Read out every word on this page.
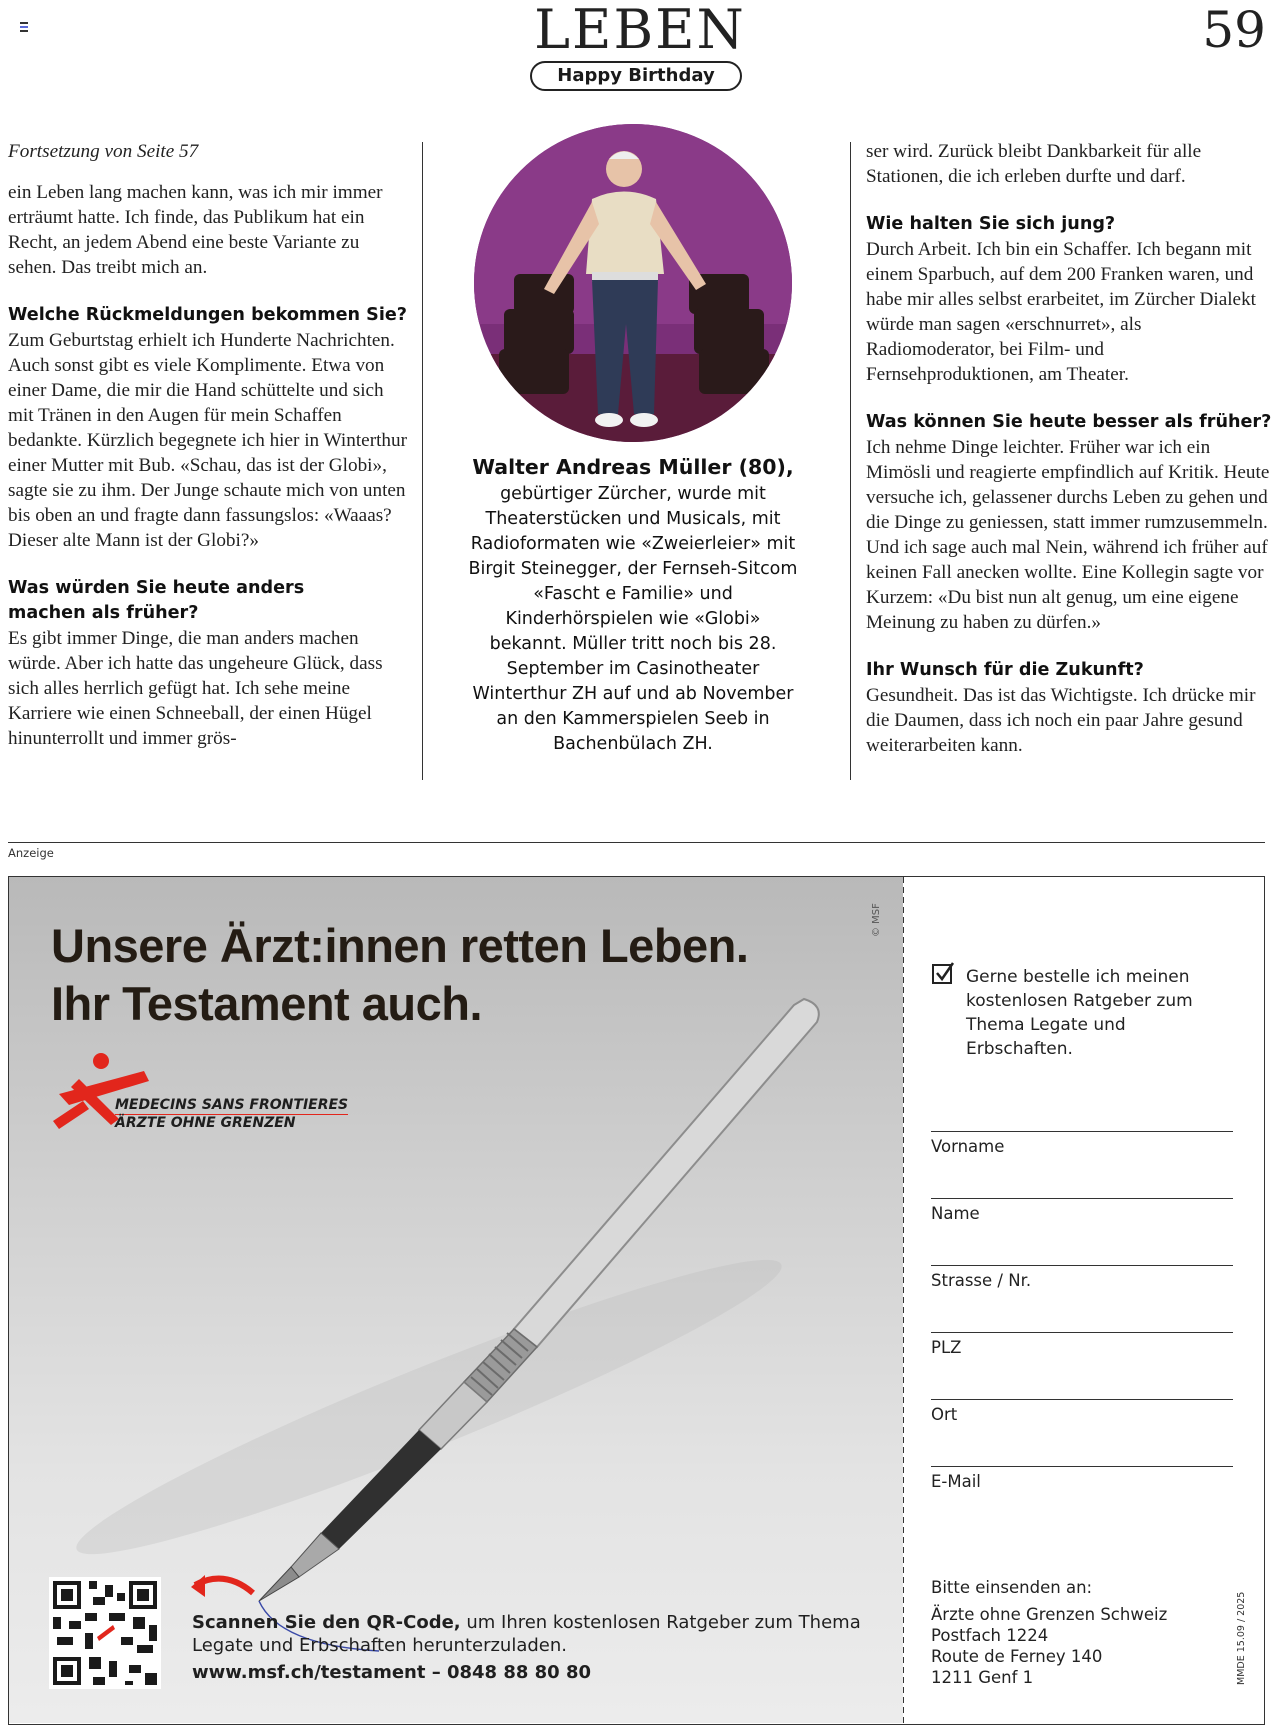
LEBEN	59
Happy Birthday

Fortsetzung von Seite 57

ein Leben lang machen kann, was ich mir immer erträumt hatte. Ich finde, das Publikum hat ein Recht, an jedem Abend eine beste Variante zu sehen. Das treibt mich an.

Welche Rückmeldungen bekommen Sie?

Zum Geburtstag erhielt ich Hunderte Nachrichten. Auch sonst gibt es viele Komplimente. Etwa von einer Dame, die mir die Hand schüttelte und sich mit Tränen in den Augen für mein Schaffen bedankte. Kürzlich begegnete ich hier in Winterthur einer Mutter mit Bub. «Schau, das ist der Globi», sagte sie zu ihm. Der Junge schaute mich von unten bis oben an und fragte dann fassungslos: «Waaas? Dieser alte Mann ist der Globi?»

Was würden Sie heute anders machen als früher?

Es gibt immer Dinge, die man anders machen würde. Aber ich hatte das ungeheure Glück, dass sich alles herrlich gefügt hat. Ich sehe meine Karriere wie einen Schneeball, der einen Hügel hinunterrollt und immer grös-

Walter Andreas Müller (80), gebürtiger Zürcher, wurde mit Theaterstücken und Musicals, mit Radioformaten wie «Zweierleier» mit Birgit Steinegger, der Fernseh-Sitcom «Fascht e Familie» und Kinderhörspielen wie «Globi» bekannt. Müller tritt noch bis 28. September im Casinotheater Winterthur ZH auf und ab November an den Kammerspielen Seeb in Bachenbülach ZH.

ser wird. Zurück bleibt Dankbarkeit für alle Stationen, die ich erleben durfte und darf.

Wie halten Sie sich jung?

Durch Arbeit. Ich bin ein Schaffer. Ich begann mit einem Sparbuch, auf dem 200 Franken waren, und habe mir alles selbst erarbeitet, im Zürcher Dialekt würde man sagen «erschnurret», als Radiomoderator, bei Film- und Fernsehproduktionen, am Theater.

Was können Sie heute besser als früher?

Ich nehme Dinge leichter. Früher war ich ein Mimösli und reagierte empfindlich auf Kritik. Heute versuche ich, gelassener durchs Leben zu gehen und die Dinge zu geniessen, statt immer rumzusemmeln. Und ich sage auch mal Nein, während ich früher auf keinen Fall anecken wollte. Eine Kollegin sagte vor Kurzem: «Du bist nun alt genug, um eine eigene Meinung zu haben zu dürfen.»

Ihr Wunsch für die Zukunft?

Gesundheit. Das ist das Wichtigste. Ich drücke mir die Daumen, dass ich noch ein paar Jahre gesund weiterarbeiten kann.

Anzeige
Unsere Ärzt:innen retten Leben.
Ihr Testament auch.
© MSF
MEDECINS SANS FRONTIERES
ÄRZTE OHNE GRENZEN
Scannen Sie den QR-Code, um Ihren kostenlosen Ratgeber zum Thema Legate und Erbschaften herunterzuladen.
www.msf.ch/testament – 0848 88 80 80
Gerne bestelle ich meinen kostenlosen Ratgeber zum Thema Legate und Erbschaften.
Vorname
Name
Strasse / Nr.
PLZ
Ort
E-Mail
Bitte einsenden an:
Ärzte ohne Grenzen Schweiz
Postfach 1224
Route de Ferney 140
1211 Genf 1	MMDE 15.09 / 2025
